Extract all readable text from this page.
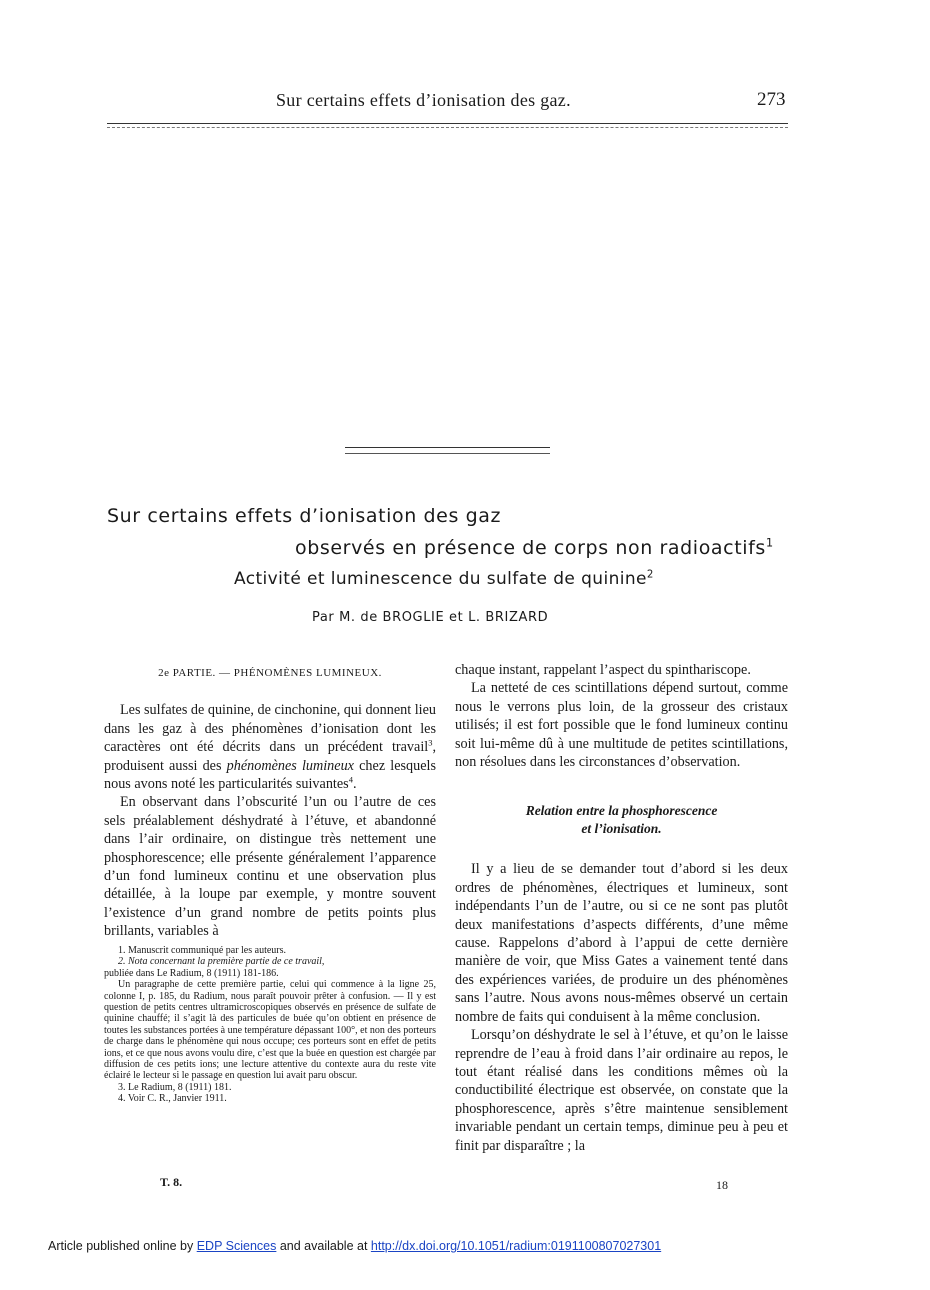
Sur certains effets d’ionisation des gaz.	273
Sur certains effets d’ionisation des gaz
observés en présence de corps non radioactifs$^1$
Activité et luminescence du sulfate de quinine$^2$
Par M. de BROGLIE et L. BRIZARD
2e PARTIE. — PHÉNOMÈNES LUMINEUX.

Les sulfates de quinine, de cinchonine, qui donnent lieu dans les gaz à des phénomènes d’ionisation dont les caractères ont été décrits dans un précédent travail$^3$, produisent aussi des phénomènes lumineux chez lesquels nous avons noté les particularités suivantes$^4$.

En observant dans l’obscurité l’un ou l’autre de ces sels préalablement déshydraté à l’étuve, et abandonné dans l’air ordinaire, on distingue très nettement une phosphorescence; elle présente généralement l’apparence d’un fond lumineux continu et une observation plus détaillée, à la loupe par exemple, y montre souvent l’existence d’un grand nombre de petits points plus brillants, variables à

1. Manuscrit communiqué par les auteurs.

2. Nota concernant la première partie de ce travail,

publiée dans Le Radium, 8 (1911) 181-186.

Un paragraphe de cette première partie, celui qui commence à la ligne 25, colonne I, p. 185, du Radium, nous paraît pouvoir prêter à confusion. — Il y est question de petits centres ultramicroscopiques observés en présence de sulfate de quinine chauffé; il s’agit là des particules de buée qu’on obtient en présence de toutes les substances portées à une température dépassant 100°, et non des porteurs de charge dans le phénomène qui nous occupe; ces porteurs sont en effet de petits ions, et ce que nous avons voulu dire, c’est que la buée en question est chargée par diffusion de ces petits ions; une lecture attentive du contexte aura du reste vite éclairé le lecteur si le passage en question lui avait paru obscur.

3. Le Radium, 8 (1911) 181.

4. Voir C. R., Janvier 1911.

chaque instant, rappelant l’aspect du spinthariscope.

La netteté de ces scintillations dépend surtout, comme nous le verrons plus loin, de la grosseur des cristaux utilisés; il est fort possible que le fond lumineux continu soit lui-même dû à une multitude de petites scintillations, non résolues dans les circonstances d’observation.

Relation entre la phosphorescence
et l’ionisation.

Il y a lieu de se demander tout d’abord si les deux ordres de phénomènes, électriques et lumineux, sont indépendants l’un de l’autre, ou si ce ne sont pas plutôt deux manifestations d’aspects différents, d’une même cause. Rappelons d’abord à l’appui de cette dernière manière de voir, que Miss Gates a vainement tenté dans des expériences variées, de produire un des phénomènes sans l’autre. Nous avons nous-mêmes observé un certain nombre de faits qui conduisent à la même conclusion.

Lorsqu’on déshydrate le sel à l’étuve, et qu’on le laisse reprendre de l’eau à froid dans l’air ordinaire au repos, le tout étant réalisé dans les conditions mêmes où la conductibilité électrique est observée, on constate que la phosphorescence, après s’être maintenue sensiblement invariable pendant un certain temps, diminue peu à peu et finit par disparaître ; la

T. 8.	18
Article published online by EDP Sciences and available at http://dx.doi.org/10.1051/radium:0191100807027301
